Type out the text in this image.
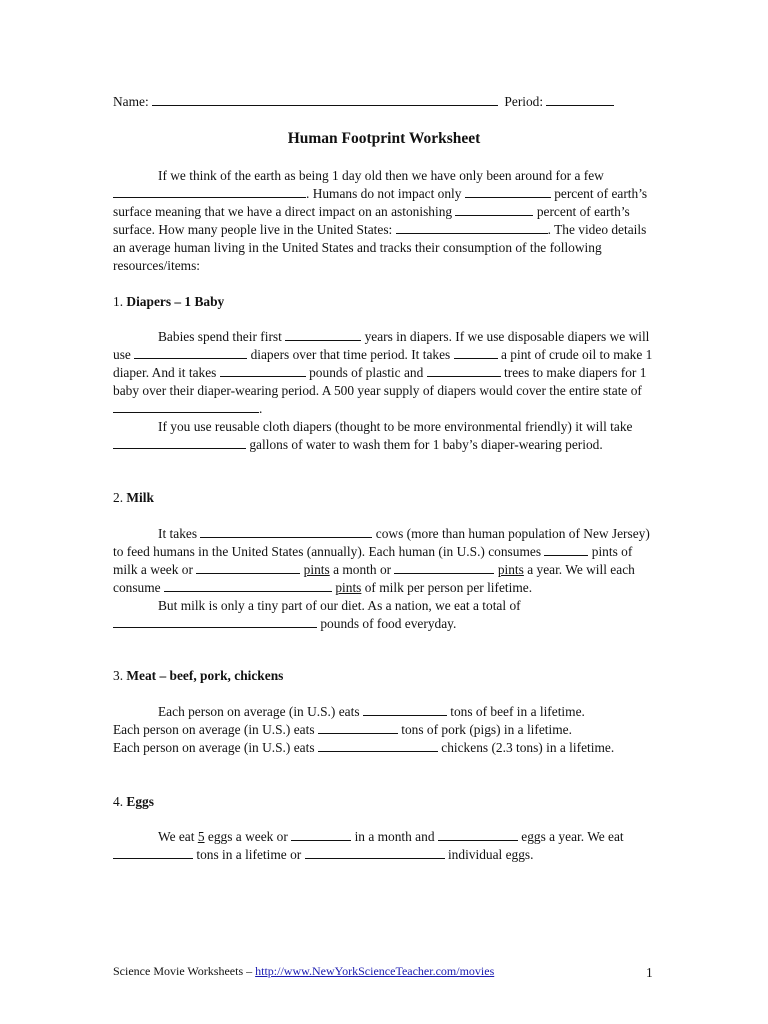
Name:	Period:
Human Footprint Worksheet

If we think of the earth as being 1 day old then we have only been around for a few . Humans do not impact only	percent of earth’s surface meaning that we have a direct impact on an astonishing	percent of earth’s surface. How many people live in the United States:	. The video details an average human living in the United States and tracks their consumption of the following resources/items:

1. Diapers – 1 Baby

Babies spend their first	years in diapers. If we use disposable diapers we will use	diapers over that time period. It takes	a pint of crude oil to make 1 diaper. And it takes	pounds of plastic and	trees to make diapers for 1 baby over their diaper-wearing period. A 500 year supply of diapers would cover the entire state of .

If you use reusable cloth diapers (thought to be more environmental friendly) it will take  gallons of water to wash them for 1 baby’s diaper-wearing period.

2. Milk

It takes	cows (more than human population of New Jersey) to feed humans in the United States (annually). Each human (in U.S.) consumes	pints of milk a week or	pints a month or	pints a year. We will each consume	pints of milk per person per lifetime.

But milk is only a tiny part of our diet. As a nation, we eat a total of  pounds of food everyday.

3. Meat – beef, pork, chickens

Each person on average (in U.S.) eats	tons of beef in a lifetime.

Each person on average (in U.S.) eats	tons of pork (pigs) in a lifetime.

Each person on average (in U.S.) eats	chickens (2.3 tons) in a lifetime.

4. Eggs

We eat 5 eggs a week or	in a month and	eggs a year. We eat  tons in a lifetime or	individual eggs.

Science Movie Worksheets – http://www.NewYorkScienceTeacher.com/movies	1
